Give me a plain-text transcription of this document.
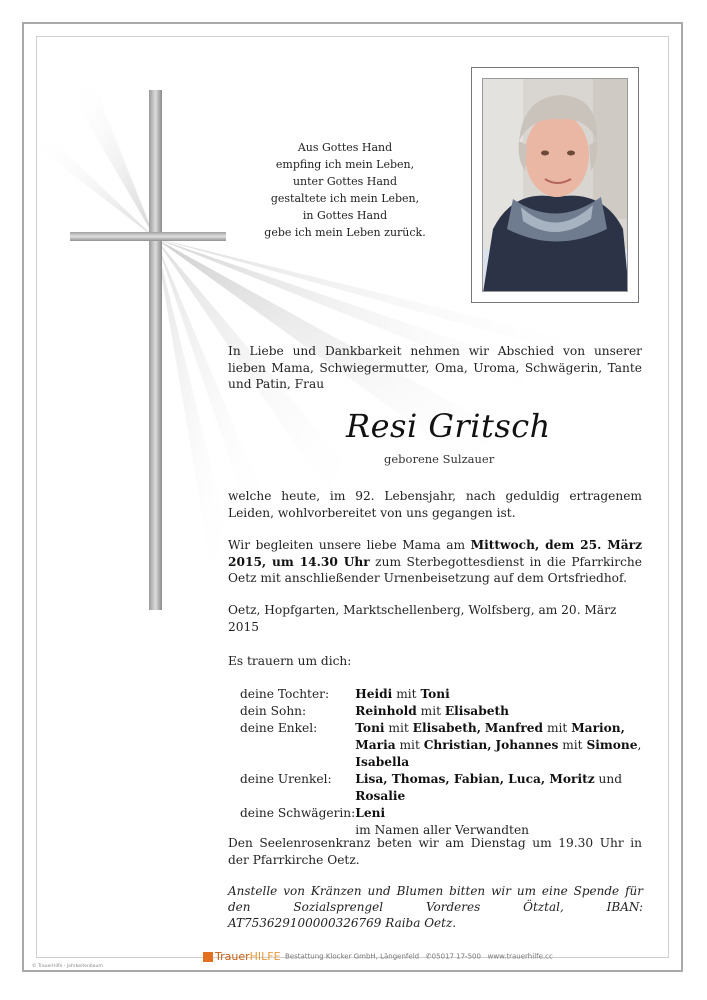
Aus Gottes Hand
empfing ich mein Leben,
unter Gottes Hand
gestaltete ich mein Leben,
in Gottes Hand
gebe ich mein Leben zurück.
In Liebe und Dankbarkeit nehmen wir Abschied von unserer lieben Mama, Schwiegermutter, Oma, Uroma, Schwägerin, Tante und Patin, Frau
Resi Gritsch
geborene Sulzauer
welche heute, im 92. Lebensjahr, nach geduldig ertragenem Leiden, wohlvorbereitet von uns gegangen ist.
Wir begleiten unsere liebe Mama am Mittwoch, dem 25. März 2015, um 14.30 Uhr zum Sterbegottesdienst in die Pfarrkirche Oetz mit anschließender Urnenbeisetzung auf dem Ortsfriedhof.
Oetz, Hopfgarten, Marktschellenberg, Wolfsberg, am 20. März 2015
Es trauern um dich:
deine Tochter:	Heidi mit Toni
dein Sohn:	Reinhold mit Elisabeth
deine Enkel:	Toni mit Elisabeth, Manfred mit Marion,
Maria mit Christian, Johannes mit Simone,
Isabella
deine Urenkel:	Lisa, Thomas, Fabian, Luca, Moritz und Rosalie
deine Schwägerin:	Leni
	im Namen aller Verwandten
Den Seelenrosenkranz beten wir am Dienstag um 19.30 Uhr in der Pfarrkirche Oetz.
Anstelle von Kränzen und Blumen bitten wir um eine Spende für den Sozialsprengel Vorderes Ötztal, IBAN: AT753629100000326769 Raiba Oetz.
TrauerHILFE Bestattung Klocker GmbH, Längenfeld ✆05017 17-500 www.trauerhilfe.cc
© TrauerHilfe - Jahrbeitenbaum
